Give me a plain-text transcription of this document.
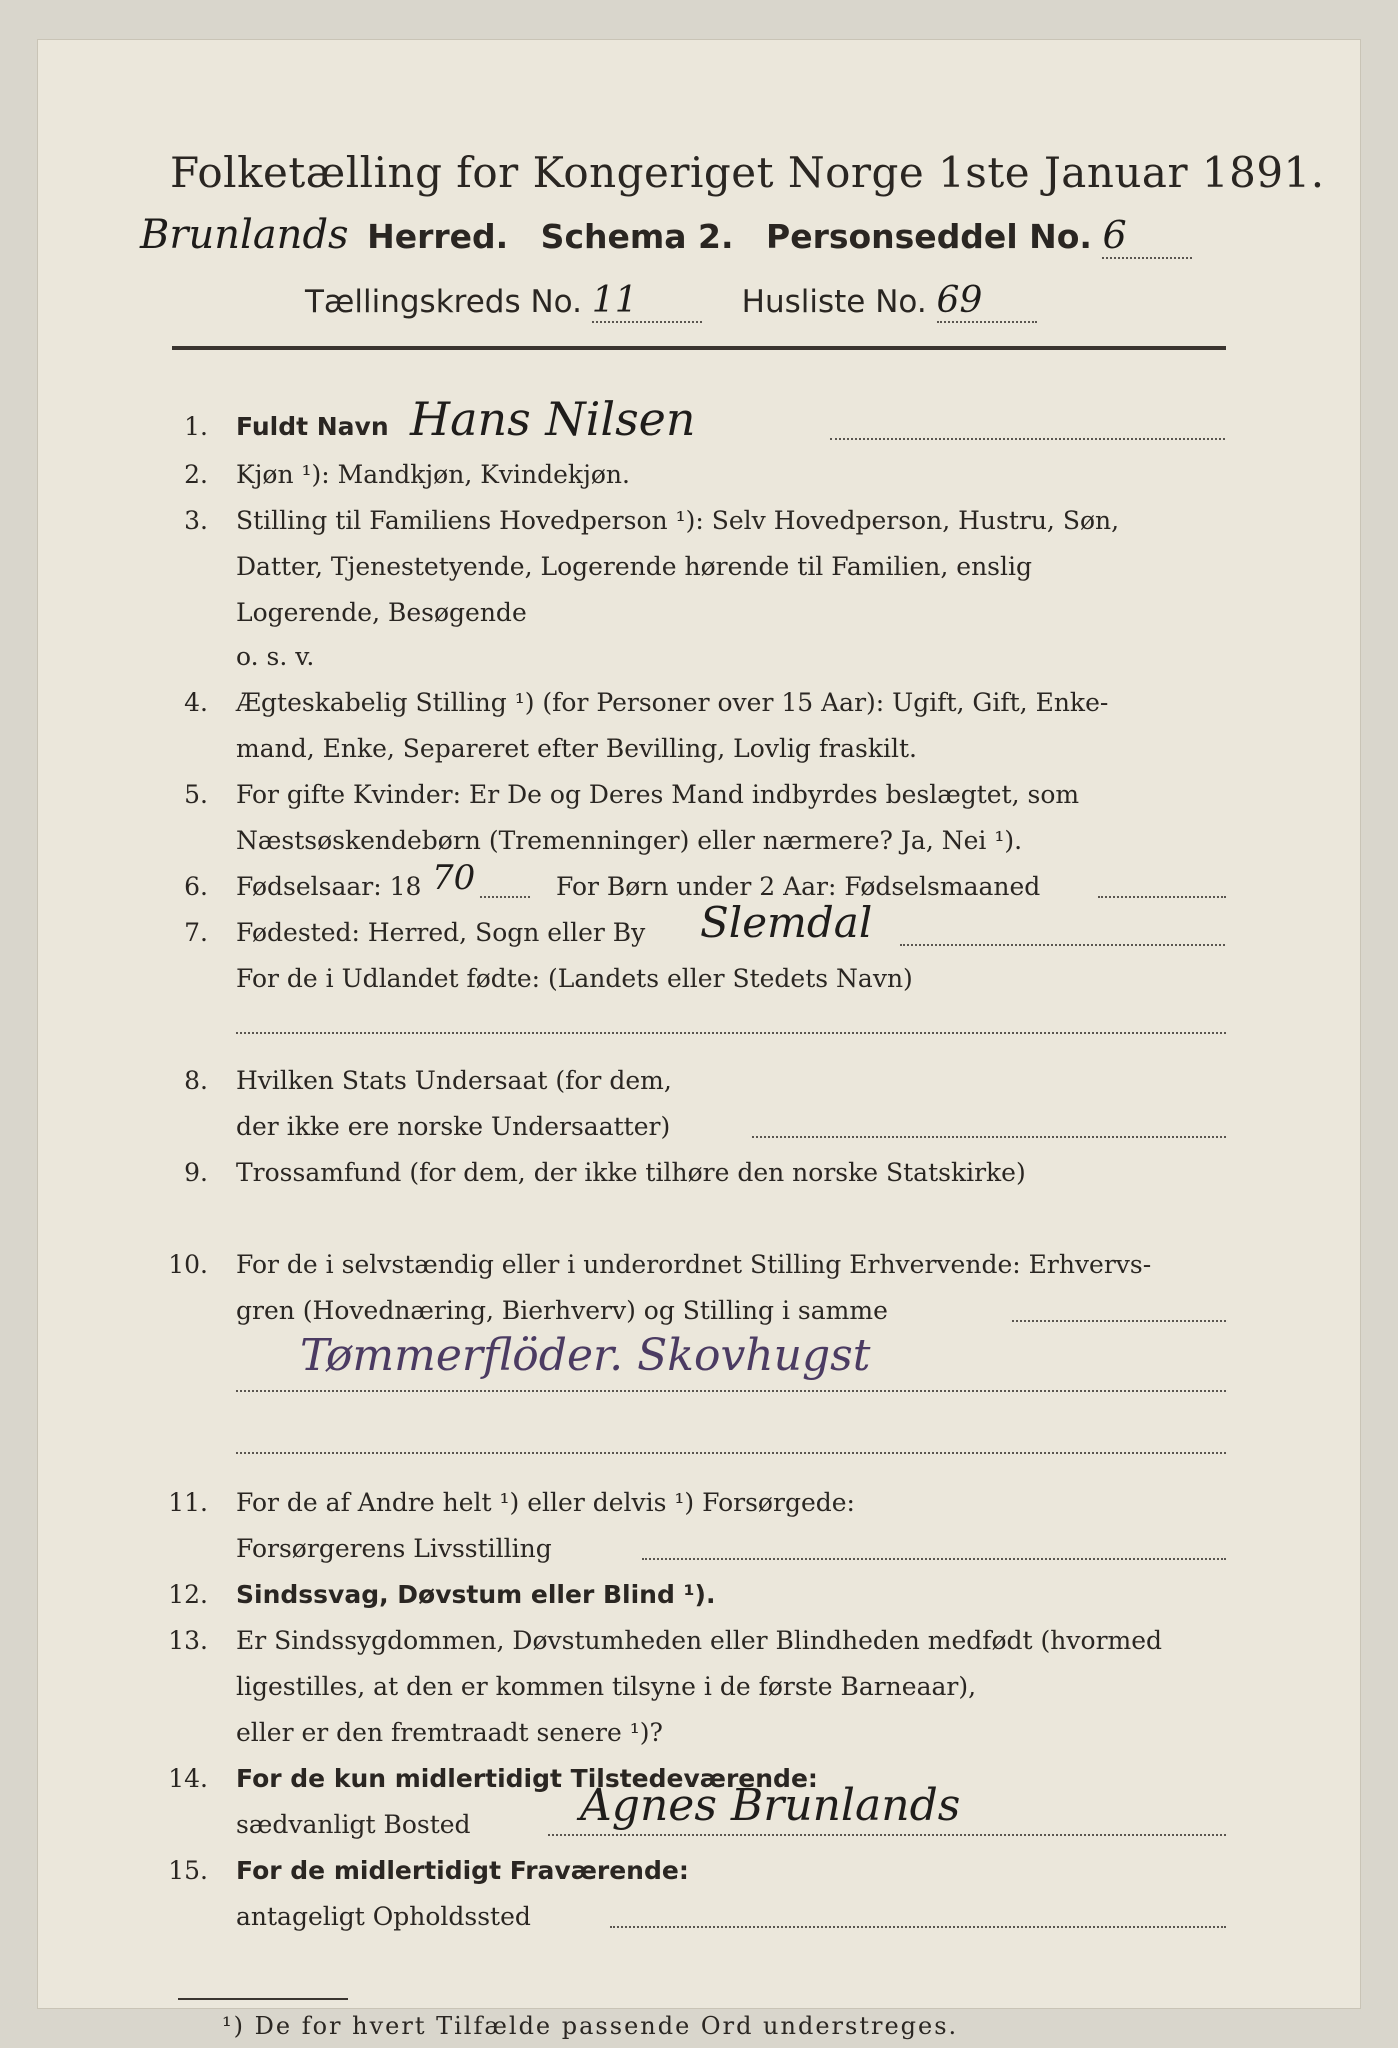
Folketælling for Kongeriget Norge 1ste Januar 1891.
Brunlands Herred. Schema 2. Personseddel No. 6
Tællingskreds No. 11	Husliste No. 69
1. Fuldt Navn Hans Nilsen
2. Kjøn ¹): Mandkjøn, Kvindekjøn.
3. Stilling til Familiens Hovedperson ¹): Selv Hovedperson, Hustru, Søn,
Datter, Tjenestetyende, Logerende hørende til Familien, enslig
Logerende, Besøgende
o. s. v.
4. Ægteskabelig Stilling ¹) (for Personer over 15 Aar): Ugift, Gift, Enke-
mand, Enke, Separeret efter Bevilling, Lovlig fraskilt.
5. For gifte Kvinder: Er De og Deres Mand indbyrdes beslægtet, som
Næstsøskendebørn (Tremenninger) eller nærmere? Ja, Nei ¹).
6. Fødselsaar: 18 70	For Børn under 2 Aar: Fødselsmaaned
7. Fødested: Herred, Sogn eller By Slemdal
For de i Udlandet fødte: (Landets eller Stedets Navn)
8. Hvilken Stats Undersaat (for dem,
der ikke ere norske Undersaatter)
9. Trossamfund (for dem, der ikke tilhøre den norske Statskirke)
10. For de i selvstændig eller i underordnet Stilling Erhvervende: Erhvervs-
gren (Hovednæring, Bierhverv) og Stilling i samme
Tømmerflöder. Skovhugst
11. For de af Andre helt ¹) eller delvis ¹) Forsørgede:
Forsørgerens Livsstilling
12. Sindssvag, Døvstum eller Blind ¹).
13. Er Sindssygdommen, Døvstumheden eller Blindheden medfødt (hvormed
ligestilles, at den er kommen tilsyne i de første Barneaar),
eller er den fremtraadt senere ¹)?
14. For de kun midlertidigt Tilstedeværende:
sædvanligt Bosted Agnes Brunlands
15. For de midlertidigt Fraværende:
antageligt Opholdssted
¹) De for hvert Tilfælde passende Ord understreges.
